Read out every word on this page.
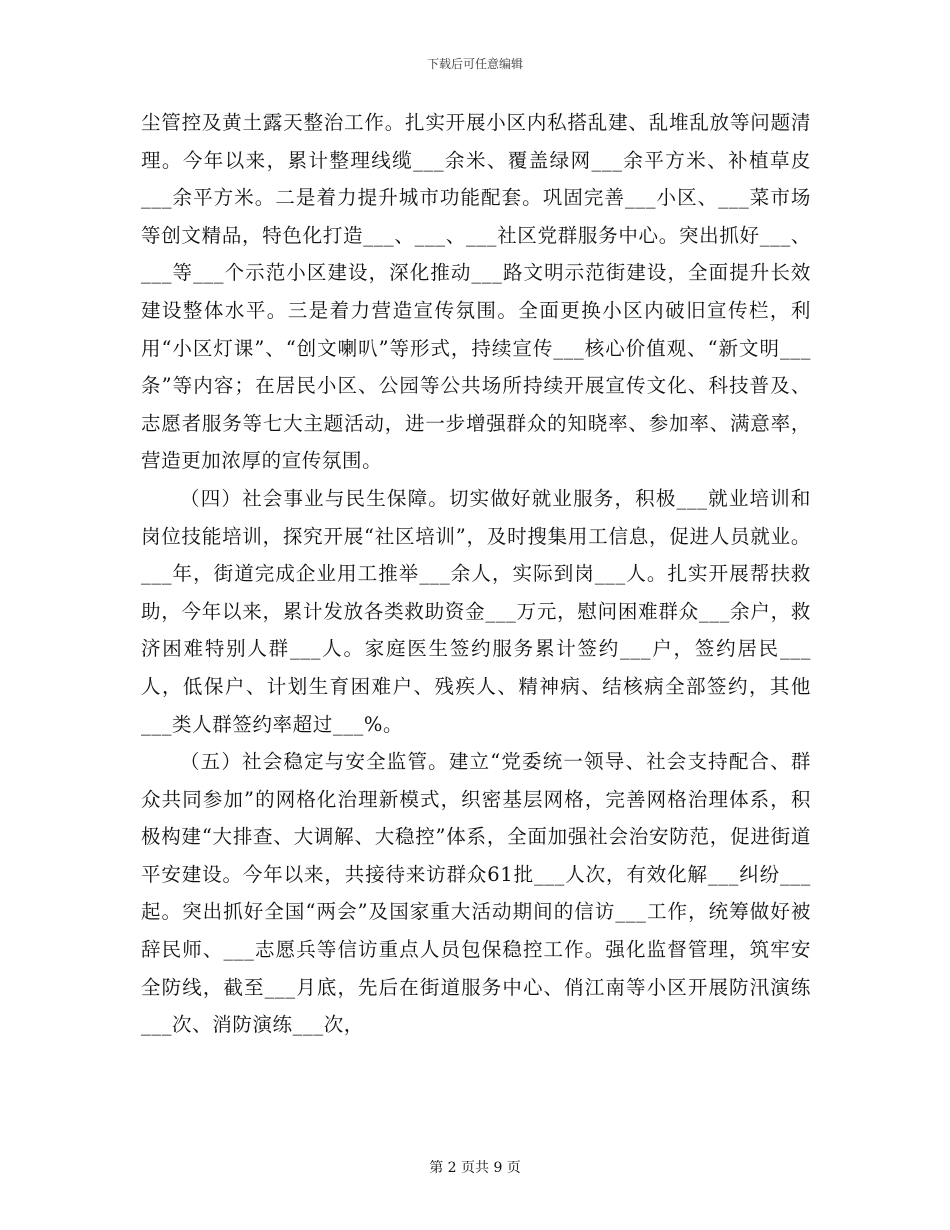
下载后可任意编辑

尘管控及黄土露天整治工作。扎实开展小区内私搭乱建、乱堆乱放等问题清理。今年以来，累计整理线缆___余米、覆盖绿网___余平方米、补植草皮___余平方米。二是着力提升城市功能配套。巩固完善___小区、___菜市场等创文精品，特色化打造___、___、___社区党群服务中心。突出抓好___、___等___个示范小区建设，深化推动___路文明示范街建设，全面提升长效建设整体水平。三是着力营造宣传氛围。全面更换小区内破旧宣传栏，利用“小区灯课”、“创文喇叭”等形式，持续宣传___核心价值观、“新文明___条”等内容；在居民小区、公园等公共场所持续开展宣传文化、科技普及、志愿者服务等七大主题活动，进一步增强群众的知晓率、参加率、满意率，营造更加浓厚的宣传氛围。

（四）社会事业与民生保障。切实做好就业服务，积极___就业培训和岗位技能培训，探究开展“社区培训”，及时搜集用工信息，促进人员就业。___年，街道完成企业用工推举___余人，实际到岗___人。扎实开展帮扶救助，今年以来，累计发放各类救助资金___万元，慰问困难群众___余户，救济困难特别人群___人。家庭医生签约服务累计签约___户，签约居民___人，低保户、计划生育困难户、残疾人、精神病、结核病全部签约，其他___类人群签约率超过___%。

（五）社会稳定与安全监管。建立“党委统一领导、社会支持配合、群众共同参加”的网格化治理新模式，织密基层网格，完善网格治理体系，积极构建“大排查、大调解、大稳控”体系，全面加强社会治安防范，促进街道平安建设。今年以来，共接待来访群众61批___人次，有效化解___纠纷___起。突出抓好全国“两会”及国家重大活动期间的信访___工作，统筹做好被辞民师、___志愿兵等信访重点人员包保稳控工作。强化监督管理，筑牢安全防线，截至___月底，先后在街道服务中心、俏江南等小区开展防汛演练___次、消防演练___次，

第 2 页共 9 页
